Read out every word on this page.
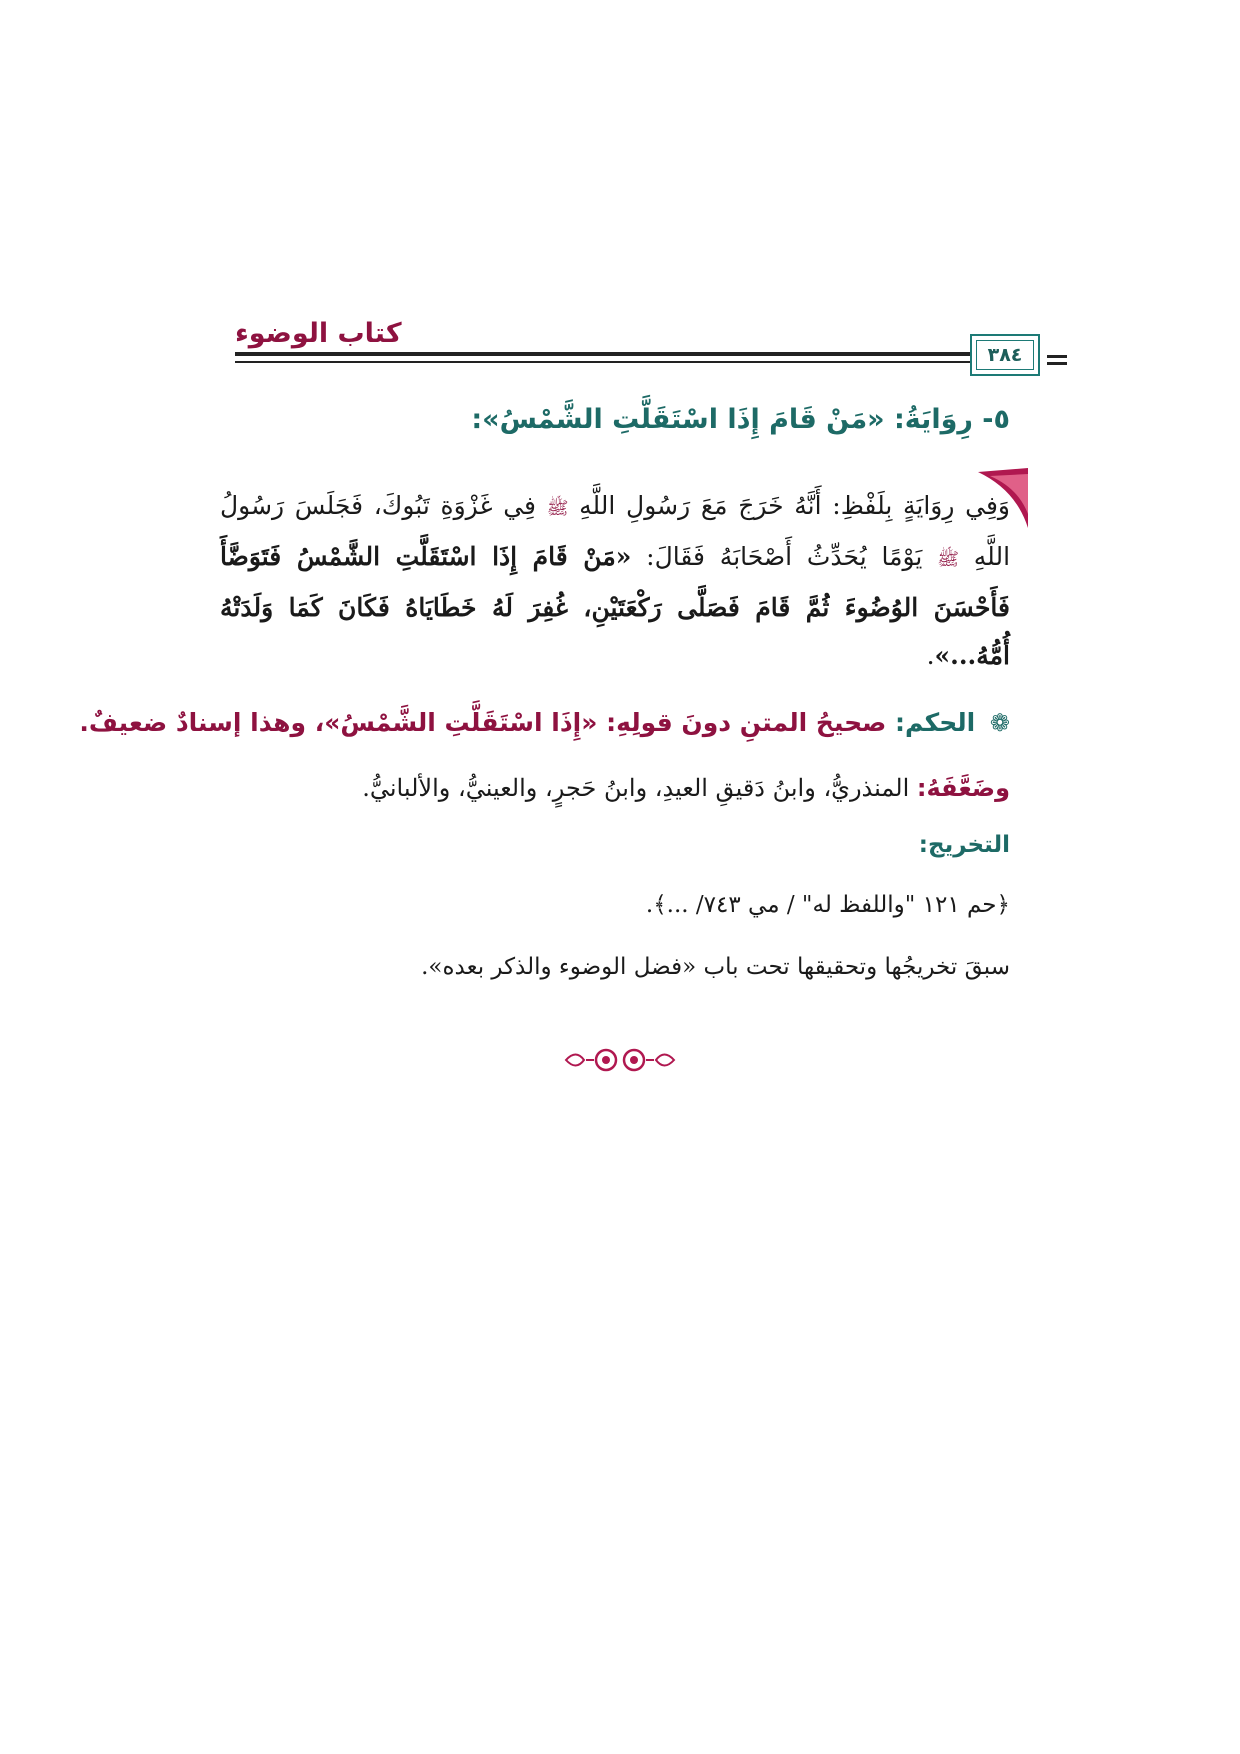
كتاب الوضوء
٣٨٤
٥- رِوَايَةُ: «مَنْ قَامَ إِذَا اسْتَقَلَّتِ الشَّمْسُ»:
وَفِي رِوَايَةٍ بِلَفْظِ: أَنَّهُ خَرَجَ مَعَ رَسُولِ اللَّهِ ﷺ فِي غَزْوَةِ تَبُوكَ، فَجَلَسَ رَسُولُ اللَّهِ ﷺ يَوْمًا يُحَدِّثُ أَصْحَابَهُ فَقَالَ: «مَنْ قَامَ إِذَا اسْتَقَلَّتِ الشَّمْسُ فَتَوَضَّأَ فَأَحْسَنَ الوُضُوءَ ثُمَّ قَامَ فَصَلَّى رَكْعَتَيْنِ، غُفِرَ لَهُ خَطَايَاهُ فَكَانَ كَمَا وَلَدَتْهُ أُمُّهُ...».
❁ الحكم: صحيحُ المتنِ دونَ قولِهِ: «إِذَا اسْتَقَلَّتِ الشَّمْسُ»، وهذا إسنادٌ ضعيفٌ.
وضَعَّفَهُ: المنذريُّ، وابنُ دَقيقِ العيدِ، وابنُ حَجرٍ، والعينيُّ، والألبانيُّ.
التخريج:
﴿حم ١٢١ "واللفظ له" / مي ٧٤٣/ ...﴾.
سبقَ تخريجُها وتحقيقها تحت باب «فضل الوضوء والذكر بعده».
